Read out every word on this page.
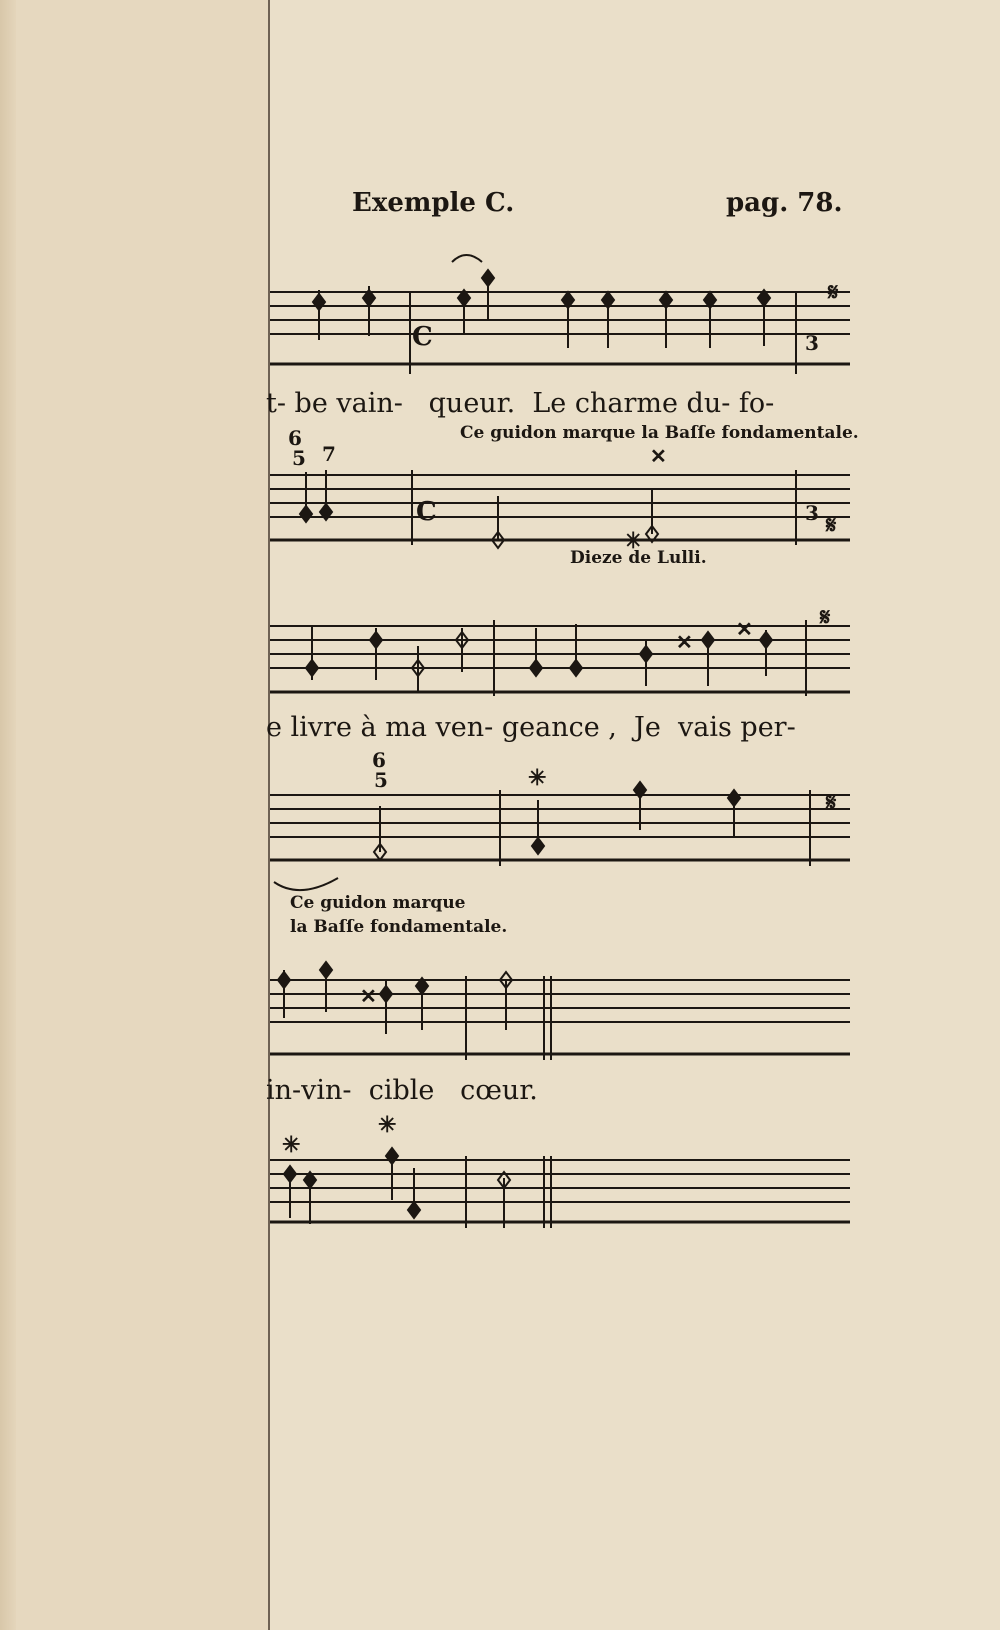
Exemple C.	pag. 78.
C
C
3
3
𝄋
𝄋
𝄋
𝄋
✳
✕
✕
✳
✕
✳
✳
✕
t- be vain-   queur.  Le charme du- fo-
e livre à ma ven- geance ,  Je  vais per-
in-vin-  cible   cœur.
Ce guidon marque la Baſſe fondamentale.
Dieze de Lulli.
Ce guidon marque
la Baſſe fondamentale.
6
5 7
6
5
